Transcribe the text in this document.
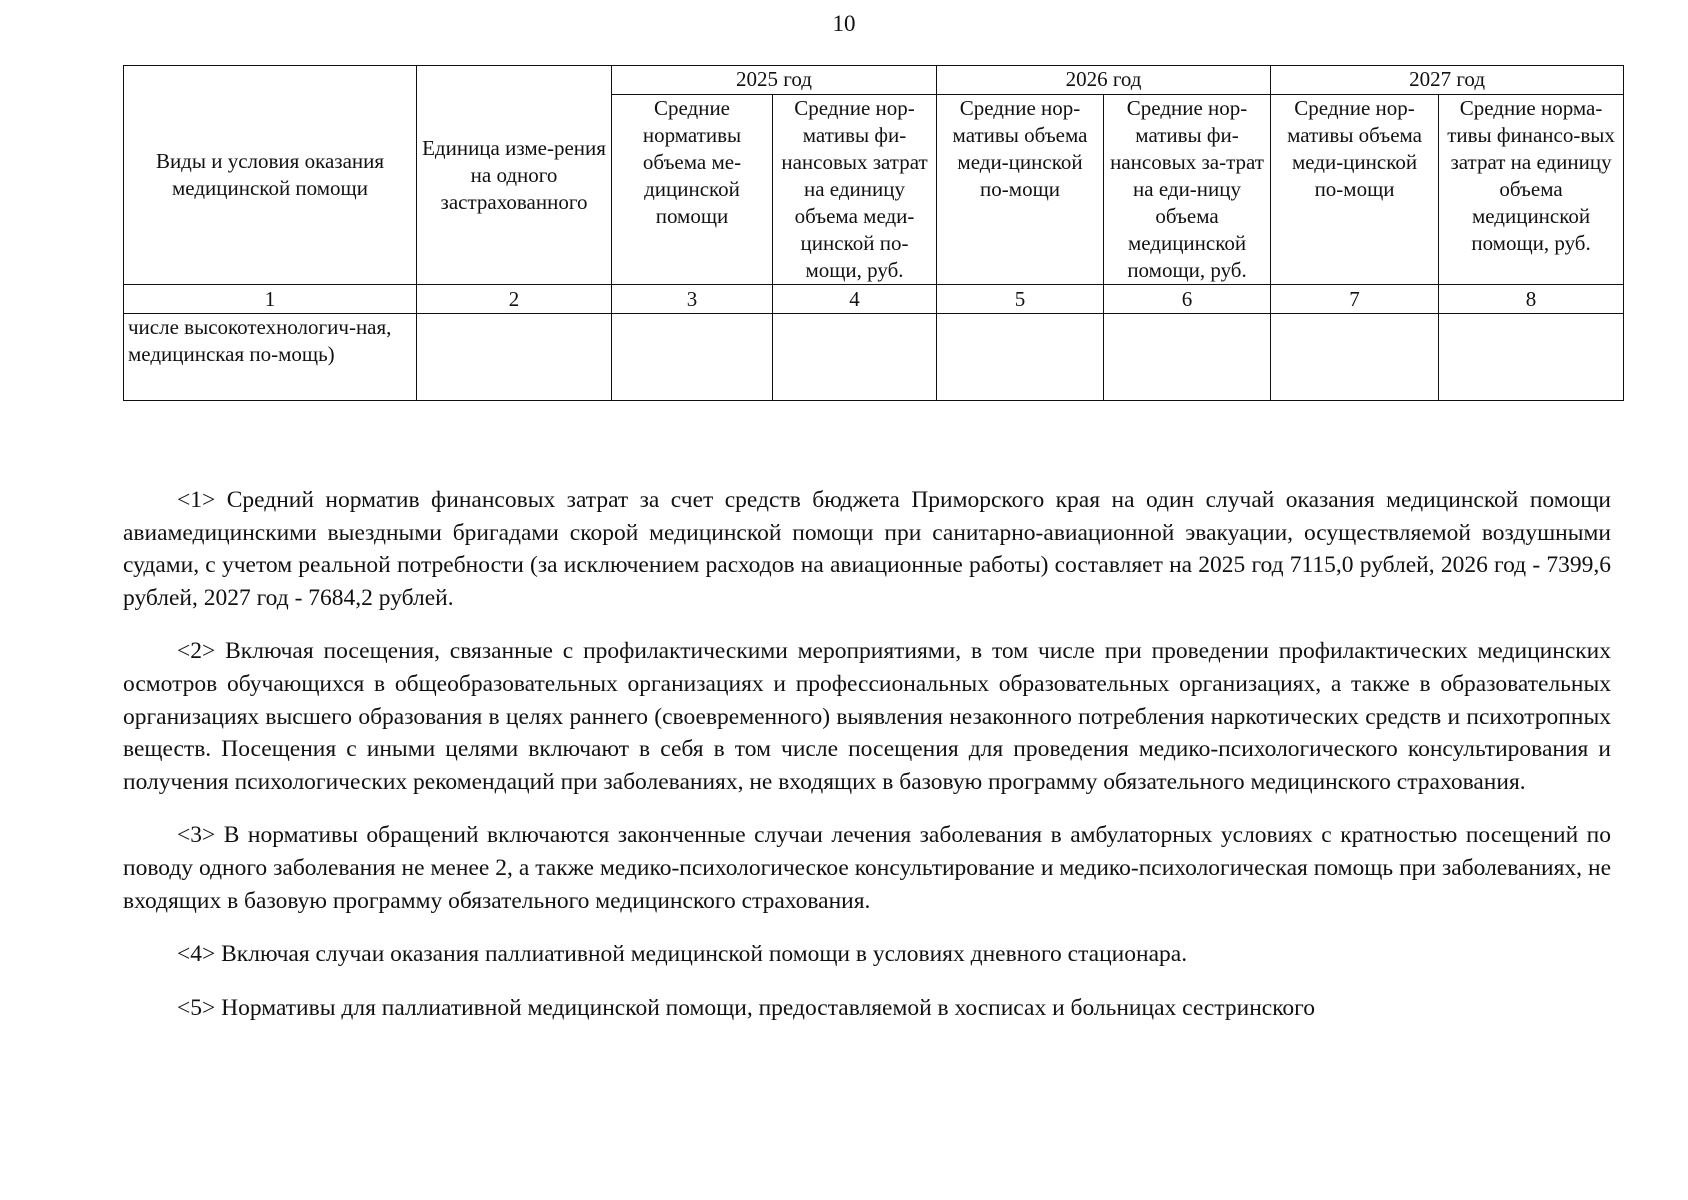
10
Виды и условия оказания медицинской помощи	Единица изме-рения на одного застрахованного	2025 год		2026 год		2027 год	
		Средние нормативы объема ме-дицинской помощи	Средние нор-мативы фи-нансовых затрат на единицу объема меди-цинской по-мощи, руб.	Средние нор-мативы объема меди-цинской по-мощи	Средние нор-мативы фи-нансовых за-трат на еди-ницу объема медицинской помощи, руб.	Средние нор-мативы объема меди-цинской по-мощи	Средние норма-тивы финансо-вых затрат на единицу объема медицинской помощи, руб.
1	2	3	4	5	6	7	8
числе высокотехнологич-ная, медицинская по-мощь)							

<1> Средний норматив финансовых затрат за счет средств бюджета Приморского края на один случай оказания медицинской помощи авиамедицинскими выездными бригадами скорой медицинской помощи при санитарно-авиационной эвакуации, осуществляемой воздушными судами, с учетом реальной потребности (за исключением расходов на авиационные работы) составляет на 2025 год 7115,0 рублей, 2026 год - 7399,6 рублей, 2027 год - 7684,2 рублей.

<2> Включая посещения, связанные с профилактическими мероприятиями, в том числе при проведении профилактических медицинских осмотров обучающихся в общеобразовательных организациях и профессиональных образовательных организациях, а также в образовательных организациях высшего образования в целях раннего (своевременного) выявления незаконного потребления наркотических средств и психотропных веществ. Посещения с иными целями включают в себя в том числе посещения для проведения медико-психологического консультирования и получения психологических рекомендаций при заболеваниях, не входящих в базовую программу обязательного медицинского страхования.

<3> В нормативы обращений включаются законченные случаи лечения заболевания в амбулаторных условиях с кратностью посещений по поводу одного заболевания не менее 2, а также медико-психологическое консультирование и медико-психологическая помощь при заболеваниях, не входящих в базовую программу обязательного медицинского страхования.

<4> Включая случаи оказания паллиативной медицинской помощи в условиях дневного стационара.

<5> Нормативы для паллиативной медицинской помощи, предоставляемой в хосписах и больницах сестринского
